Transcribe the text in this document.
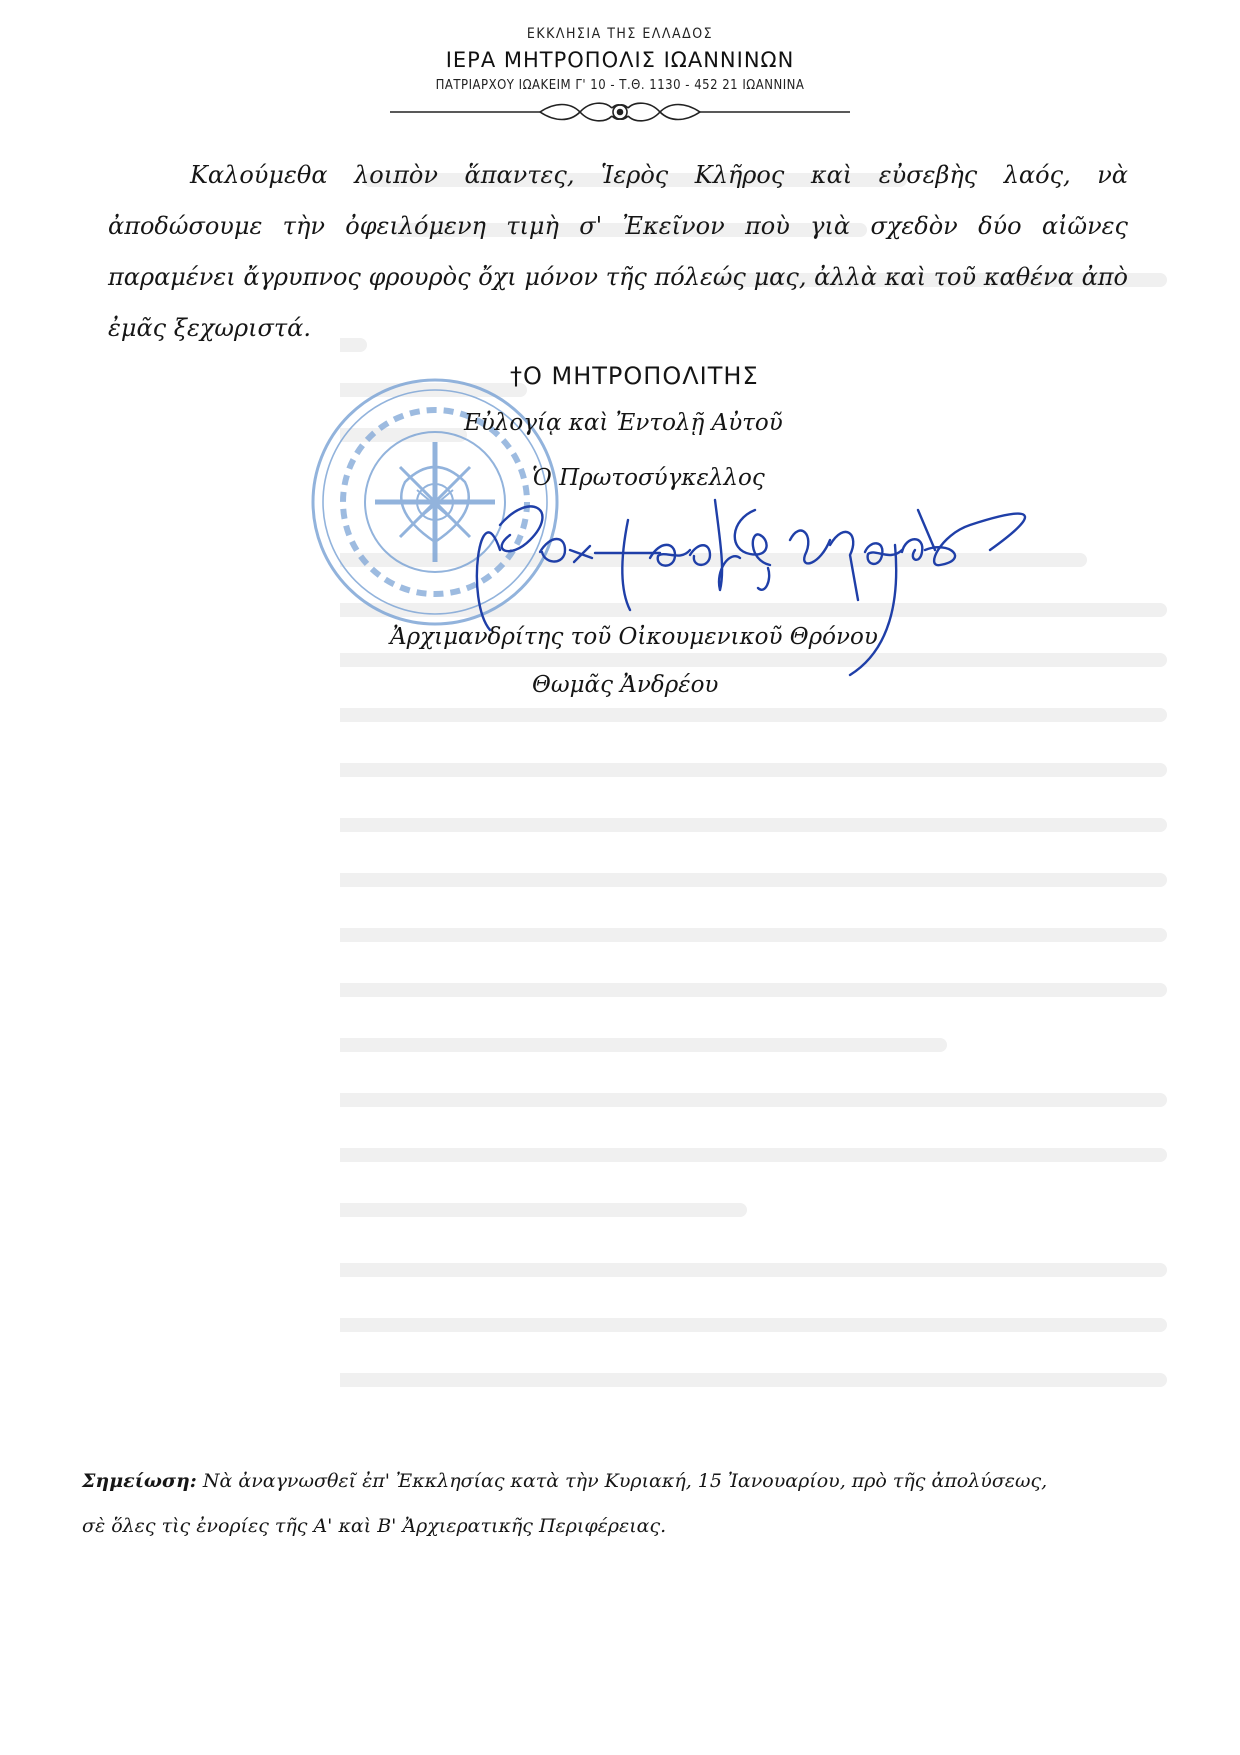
ΕΚΚΛΗΣΙΑ ΤΗΣ ΕΛΛΑΔΟΣ
ΙΕΡΑ ΜΗΤΡΟΠΟΛΙΣ ΙΩΑΝΝΙΝΩΝ
ΠΑΤΡΙΑΡΧΟΥ ΙΩΑΚΕΙΜ Γ' 10 - Τ.Θ. 1130 - 452 21 ΙΩΑΝΝΙΝΑ

Καλούμεθα λοιπὸν ἅπαντες, Ἱερὸς Κλῆρος καὶ εὐσεβὴς λαός, νὰ ἀποδώσουμε τὴν ὀφειλόμενη τιμὴ σ' Ἐκεῖνον ποὺ γιὰ σχεδὸν δύο αἰῶνες παραμένει ἄγρυπνος φρουρὸς ὄχι μόνον τῆς πόλεώς μας, ἀλλὰ καὶ τοῦ καθένα ἀπὸ ἐμᾶς ξεχωριστά.

†Ο ΜΗΤΡΟΠΟΛΙΤΗΣ
Εὐλογίᾳ καὶ Ἐντολῇ Αὐτοῦ
Ὁ Πρωτοσύγκελλος
Ἀρχιμανδρίτης τοῦ Οἰκουμενικοῦ Θρόνου
Θωμᾶς Ἀνδρέου

Σημείωση: Νὰ ἀναγνωσθεῖ ἐπ' Ἐκκλησίας κατὰ τὴν Κυριακή, 15 Ἰανουαρίου, πρὸ τῆς ἀπολύσεως,

σὲ ὅλες τὶς ἐνορίες τῆς Α' καὶ Β' Ἀρχιερατικῆς Περιφέρειας.
